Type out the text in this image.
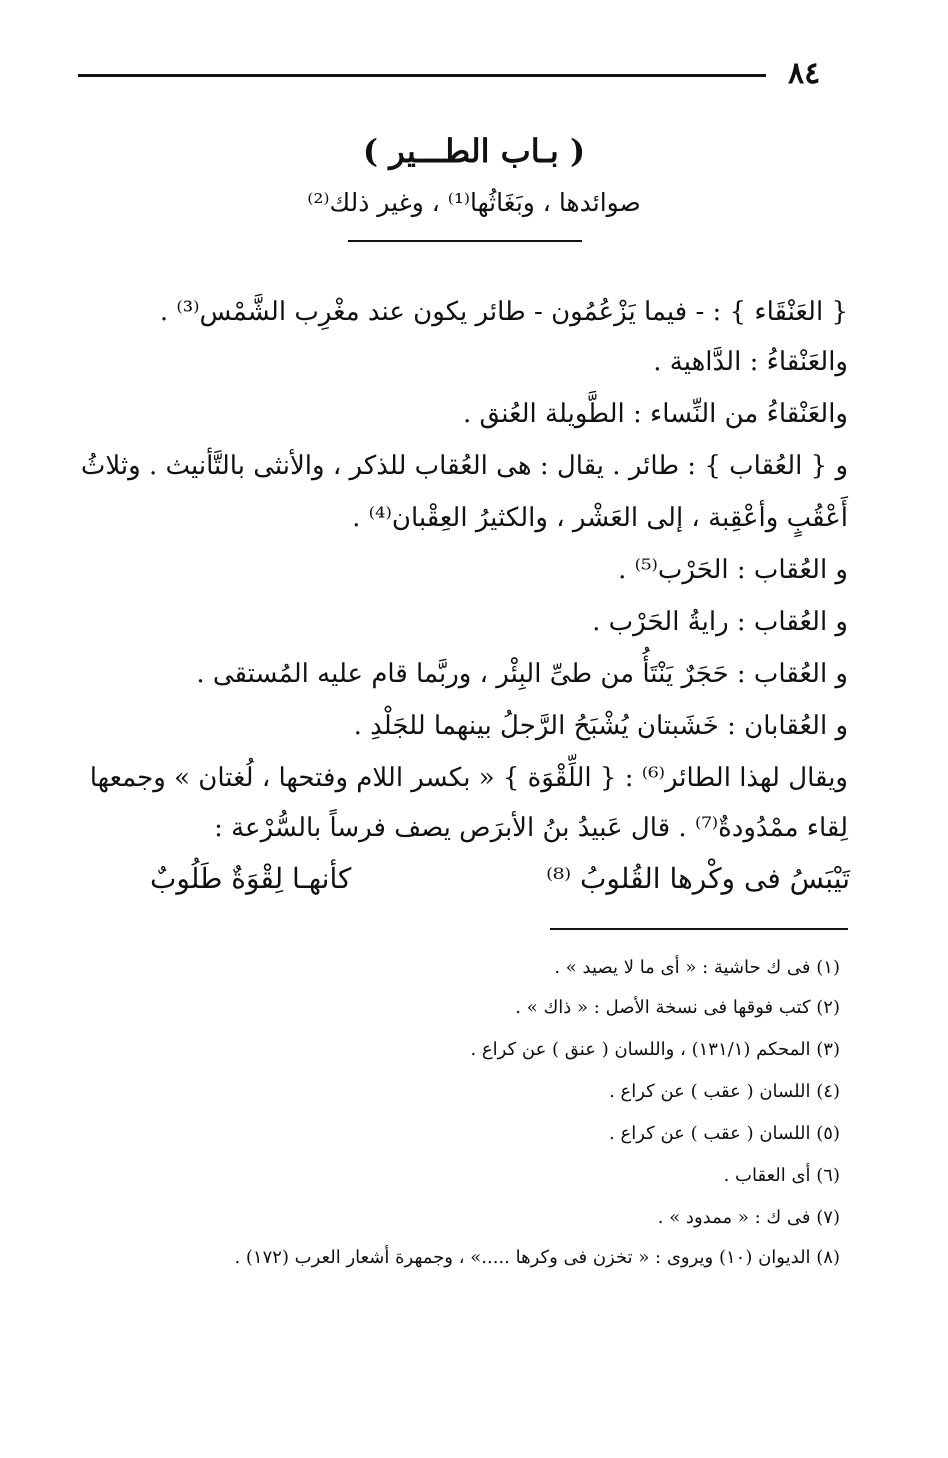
٨٤
( بـاب الطـــير )
صوائدها ، وبَغَاثُها⁽¹⁾ ، وغير ذلك⁽²⁾
{ العَنْقَاء } : - فيما يَزْعُمُون - طائر يكون عند مغْرِب الشَّمْس⁽³⁾ .
والعَنْقاءُ : الدَّاهية .
والعَنْقاءُ من النِّساء : الطَّويلة العُنق .
و { العُقاب } : طائر . يقال : هى العُقاب للذكر ، والأنثى بالتَّأنيث . وثلاثُ
أَعْقُبٍ وأعْقِبة ، إلى العَشْر ، والكثيرُ العِقْبان⁽⁴⁾ .
و العُقاب : الحَرْب⁽⁵⁾ .
و العُقاب : رايةُ الحَرْب .
و العُقاب : حَجَرٌ يَنْتَأُ من طىِّ البِئْر ، وربَّما قام عليه المُستقى .
و العُقابان : خَشَبتان يُشْبَحُ الرَّجلُ بينهما للجَلْدِ .
ويقال لهذا الطائر⁽⁶⁾ : { اللِّقْوَة } « بكسر اللام وفتحها ، لُغتان » وجمعها
لِقاء ممْدُودةٌ⁽⁷⁾ . قال عَبيدُ بنُ الأبرَص يصف فرساً بالسُّرْعة :
تَيْبَسُ فى وكْرها القُلوبُ ⁽⁸⁾
كأنهـا لِقْوَةٌ طَلُوبٌ
(١) فى ك حاشية : « أى ما لا يصيد » .
(٢) كتب فوقها فى نسخة الأصل : « ذاك » .
(٣) المحكم (١٣١/١) ، واللسان ( عنق ) عن كراع .
(٤) اللسان ( عقب ) عن كراع .
(٥) اللسان ( عقب ) عن كراع .
(٦) أى العقاب .
(٧) فى ك : « ممدود » .
(٨) الديوان (١٠) ويروى : « تخزن فى وكرها .....» ، وجمهرة أشعار العرب (١٧٢) .
